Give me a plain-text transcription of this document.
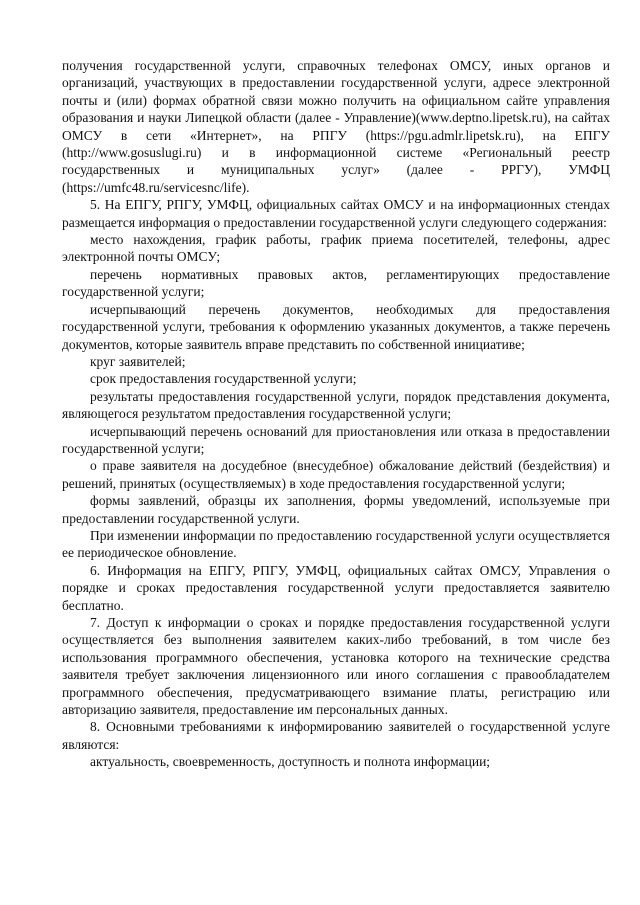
получения государственной услуги, справочных телефонах ОМСУ, иных органов и организаций, участвующих в предоставлении государственной услуги, адресе электронной почты и (или) формах обратной связи можно получить на официальном сайте управления образования и науки Липецкой области (далее - Управление)(www.deptno.lipetsk.ru), на сайтах ОМСУ в сети «Интернет», на РПГУ (https://pgu.admlr.lipetsk.ru), на ЕПГУ (http://www.gosuslugi.ru) и в информационной системе «Региональный реестр государственных и муниципальных услуг» (далее - РРГУ), УМФЦ (https://umfc48.ru/servicesnc/life).

5. На ЕПГУ, РПГУ, УМФЦ, официальных сайтах ОМСУ и на информационных стендах размещается информация о предоставлении государственной услуги следующего содержания:

место нахождения, график работы, график приема посетителей, телефоны, адрес электронной почты ОМСУ;

перечень нормативных правовых актов, регламентирующих предоставление государственной услуги;

исчерпывающий перечень документов, необходимых для предоставления государственной услуги, требования к оформлению указанных документов, а также перечень документов, которые заявитель вправе представить по собственной инициативе;

круг заявителей;

срок предоставления государственной услуги;

результаты предоставления государственной услуги, порядок представления документа, являющегося результатом предоставления государственной услуги;

исчерпывающий перечень оснований для приостановления или отказа в предоставлении государственной услуги;

о праве заявителя на досудебное (внесудебное) обжалование действий (бездействия) и решений, принятых (осуществляемых) в ходе предоставления государственной услуги;

формы заявлений, образцы их заполнения, формы уведомлений, используемые при предоставлении государственной услуги.

При изменении информации по предоставлению государственной услуги осуществляется ее периодическое обновление.

6. Информация на ЕПГУ, РПГУ, УМФЦ, официальных сайтах ОМСУ, Управления о порядке и сроках предоставления государственной услуги предоставляется заявителю бесплатно.

7. Доступ к информации о сроках и порядке предоставления государственной услуги осуществляется без выполнения заявителем каких-либо требований, в том числе без использования программного обеспечения, установка которого на технические средства заявителя требует заключения лицензионного или иного соглашения с правообладателем программного обеспечения, предусматривающего взимание платы, регистрацию или авторизацию заявителя, предоставление им персональных данных.

8. Основными требованиями к информированию заявителей о государственной услуге являются:

актуальность, своевременность, доступность и полнота информации;
